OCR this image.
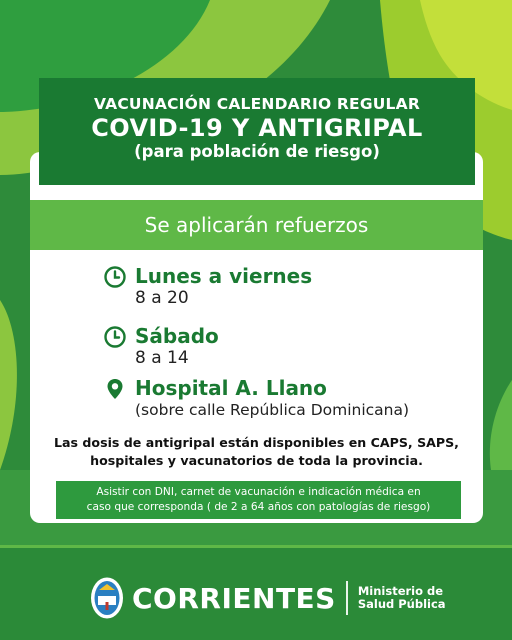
VACUNACIÓN CALENDARIO REGULAR
COVID-19 Y ANTIGRIPAL
(para población de riesgo)
Se aplicarán refuerzos
Lunes a viernes
8 a 20
Sábado
8 a 14
Hospital A. Llano
(sobre calle República Dominicana)
Las dosis de antigripal están disponibles en CAPS, SAPS,
hospitales y vacunatorios de toda la provincia.
Asistir con DNI, carnet de vacunación e indicación médica en
caso que corresponda ( de 2 a 64 años con patologías de riesgo)
CORRIENTES Ministerio de
Salud Pública
